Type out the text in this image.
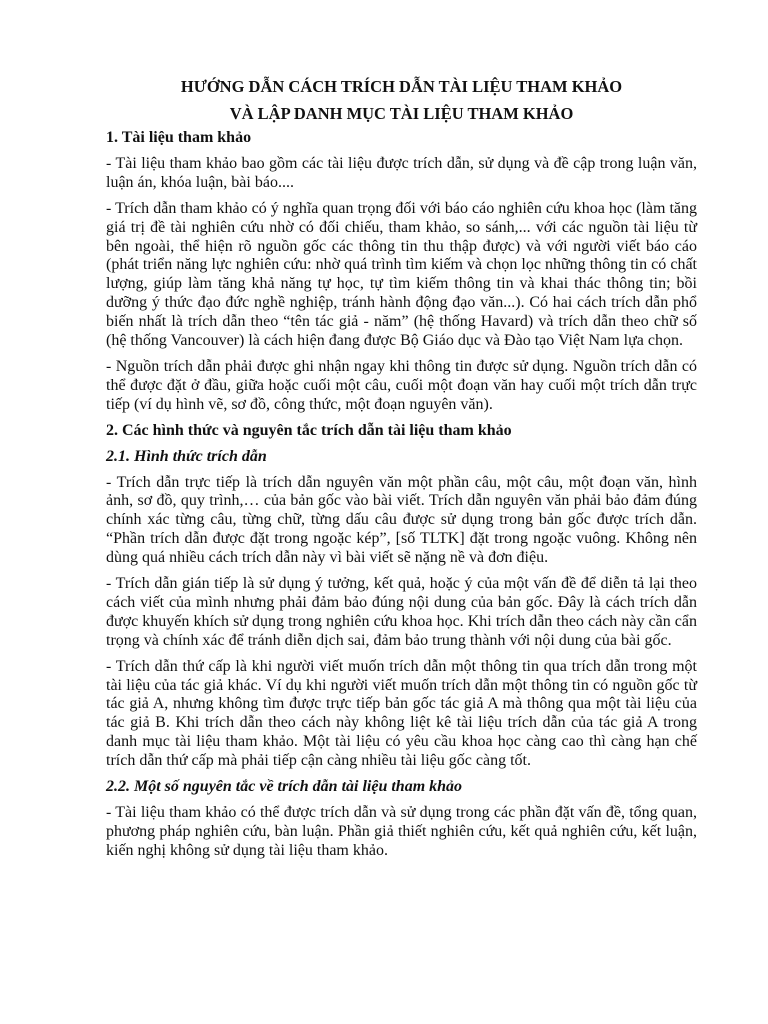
HƯỚNG DẪN CÁCH TRÍCH DẪN TÀI LIỆU THAM KHẢO
VÀ LẬP DANH MỤC TÀI LIỆU THAM KHẢO
1. Tài liệu tham khảo

- Tài liệu tham khảo bao gồm các tài liệu được trích dẫn, sử dụng và đề cập trong luận văn, luận án, khóa luận, bài báo....

- Trích dẫn tham khảo có ý nghĩa quan trọng đối với báo cáo nghiên cứu khoa học (làm tăng giá trị đề tài nghiên cứu nhờ có đối chiếu, tham khảo, so sánh,... với các nguồn tài liệu từ bên ngoài, thể hiện rõ nguồn gốc các thông tin thu thập được) và với người viết báo cáo (phát triển năng lực nghiên cứu: nhờ quá trình tìm kiếm và chọn lọc những thông tin có chất lượng, giúp làm tăng khả năng tự học, tự tìm kiếm thông tin và khai thác thông tin; bồi dưỡng ý thức đạo đức nghề nghiệp, tránh hành động đạo văn...). Có hai cách trích dẫn phổ biến nhất là trích dẫn theo “tên tác giả - năm” (hệ thống Havard) và trích dẫn theo chữ số (hệ thống Vancouver) là cách hiện đang được Bộ Giáo dục và Đào tạo Việt Nam lựa chọn.

- Nguồn trích dẫn phải được ghi nhận ngay khi thông tin được sử dụng. Nguồn trích dẫn có thể được đặt ở đầu, giữa hoặc cuối một câu, cuối một đoạn văn hay cuối một trích dẫn trực tiếp (ví dụ hình vẽ, sơ đồ, công thức, một đoạn nguyên văn).

2. Các hình thức và nguyên tắc trích dẫn tài liệu tham khảo
2.1. Hình thức trích dẫn

- Trích dẫn trực tiếp là trích dẫn nguyên văn một phần câu, một câu, một đoạn văn, hình ảnh, sơ đồ, quy trình,… của bản gốc vào bài viết. Trích dẫn nguyên văn phải bảo đảm đúng chính xác từng câu, từng chữ, từng dấu câu được sử dụng trong bản gốc được trích dẫn. “Phần trích dẫn được đặt trong ngoặc kép”, [số TLTK] đặt trong ngoặc vuông. Không nên dùng quá nhiều cách trích dẫn này vì bài viết sẽ nặng nề và đơn điệu.

- Trích dẫn gián tiếp là sử dụng ý tưởng, kết quả, hoặc ý của một vấn đề để diễn tả lại theo cách viết của mình nhưng phải đảm bảo đúng nội dung của bản gốc. Đây là cách trích dẫn được khuyến khích sử dụng trong nghiên cứu khoa học. Khi trích dẫn theo cách này cần cẩn trọng và chính xác để tránh diễn dịch sai, đảm bảo trung thành với nội dung của bài gốc.

- Trích dẫn thứ cấp là khi người viết muốn trích dẫn một thông tin qua trích dẫn trong một tài liệu của tác giả khác. Ví dụ khi người viết muốn trích dẫn một thông tin có nguồn gốc từ tác giả A, nhưng không tìm được trực tiếp bản gốc tác giả A mà thông qua một tài liệu của tác giả B. Khi trích dẫn theo cách này không liệt kê tài liệu trích dẫn của tác giả A trong danh mục tài liệu tham khảo. Một tài liệu có yêu cầu khoa học càng cao thì càng hạn chế trích dẫn thứ cấp mà phải tiếp cận càng nhiều tài liệu gốc càng tốt.

2.2. Một số nguyên tắc về trích dẫn tài liệu tham khảo

- Tài liệu tham khảo có thể được trích dẫn và sử dụng trong các phần đặt vấn đề, tổng quan, phương pháp nghiên cứu, bàn luận. Phần giả thiết nghiên cứu, kết quả nghiên cứu, kết luận, kiến nghị không sử dụng tài liệu tham khảo.
